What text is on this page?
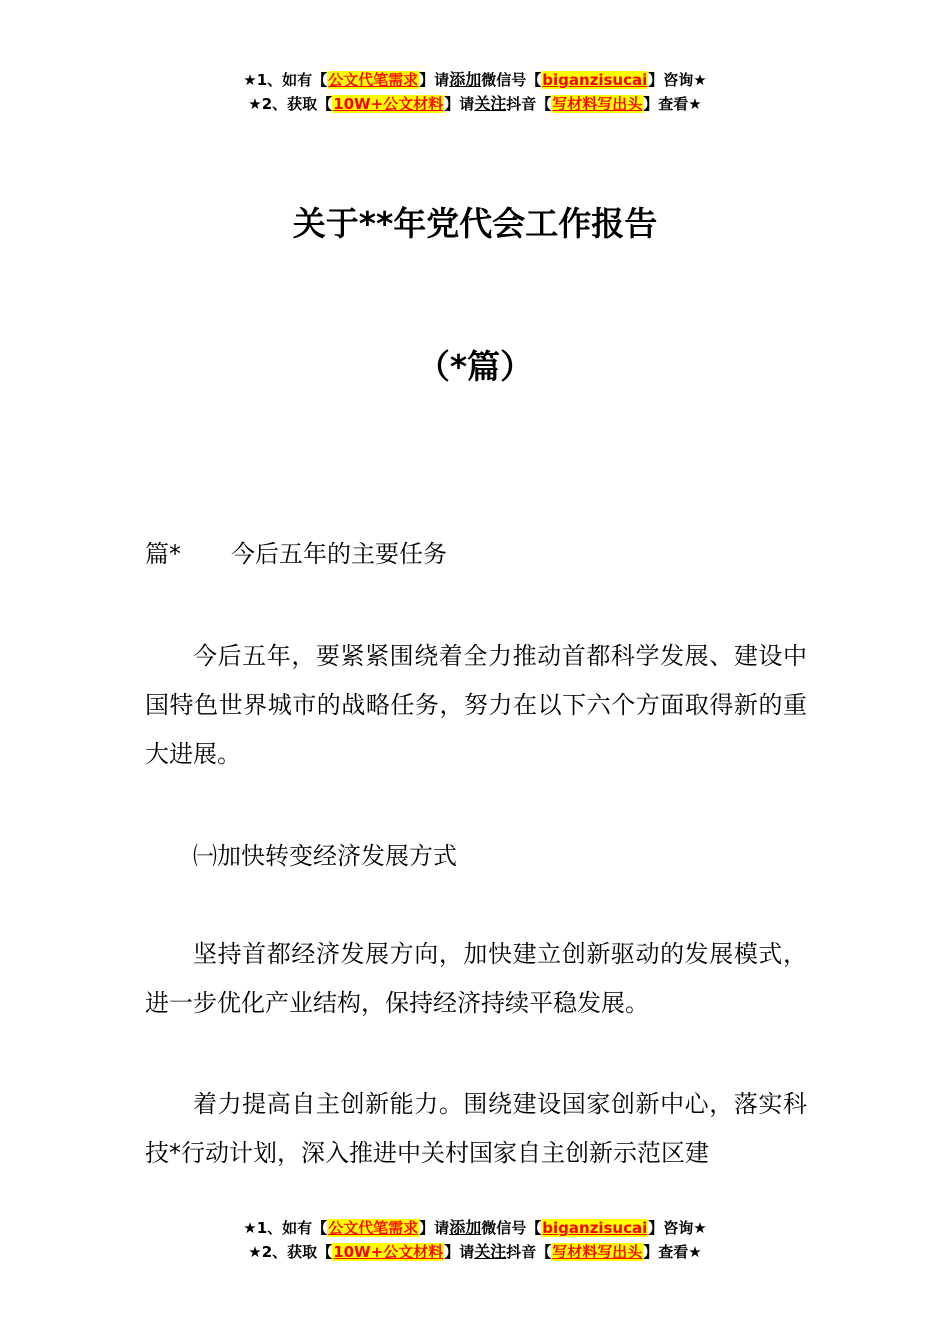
★1、如有【公文代笔需求】请添加微信号【biganzisucai】咨询★
★2、获取【10W+公文材料】请关注抖音【写材料写出头】查看★
关于**年党代会工作报告
（*篇）
篇* 今后五年的主要任务

今后五年，要紧紧围绕着全力推动首都科学发展、建设中国特色世界城市的战略任务，努力在以下六个方面取得新的重大进展。

㈠加快转变经济发展方式

坚持首都经济发展方向，加快建立创新驱动的发展模式，进一步优化产业结构，保持经济持续平稳发展。

着力提高自主创新能力。围绕建设国家创新中心，落实科技*行动计划，深入推进中关村国家自主创新示范区建

★1、如有【公文代笔需求】请添加微信号【biganzisucai】咨询★
★2、获取【10W+公文材料】请关注抖音【写材料写出头】查看★
